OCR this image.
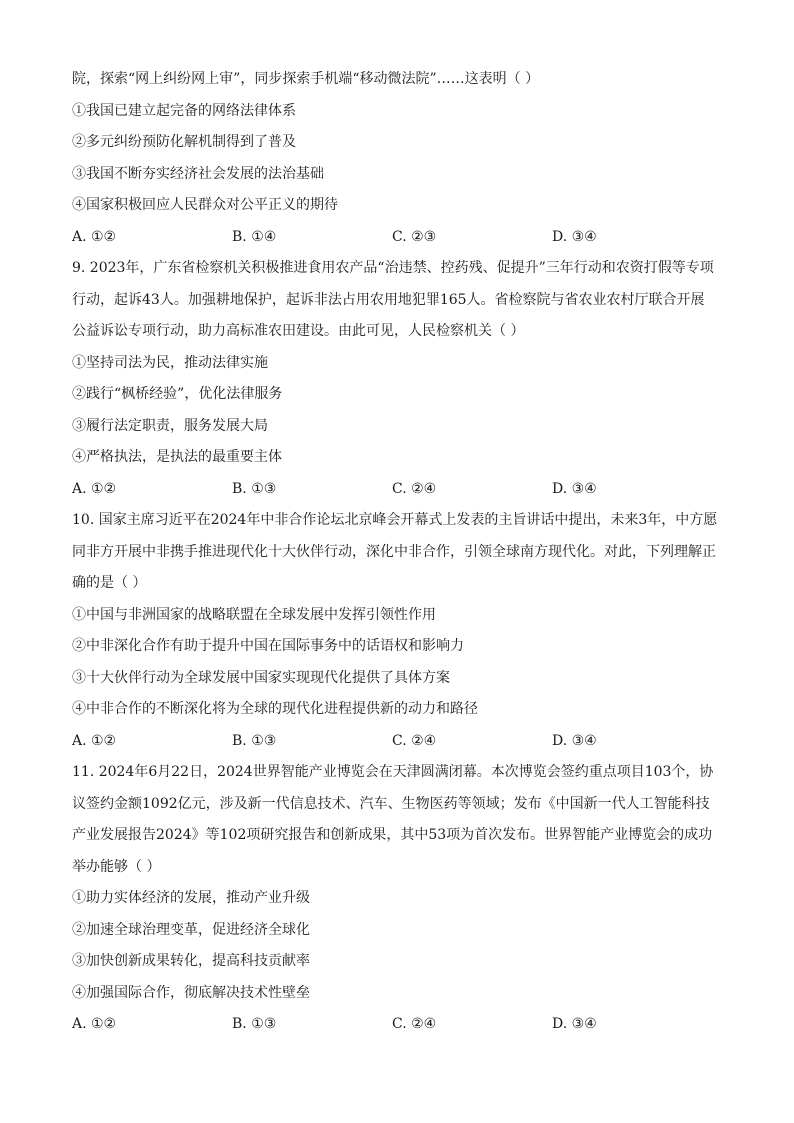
院，探索“网上纠纷网上审”，同步探索手机端“移动微法院”……这表明（ ）
①我国已建立起完备的网络法律体系
②多元纠纷预防化解机制得到了普及
③我国不断夯实经济社会发展的法治基础
④国家积极回应人民群众对公平正义的期待
A. ①②	B. ①④	C. ②③	D. ③④
9. 2023年，广东省检察机关积极推进食用农产品“治违禁、控药残、促提升”三年行动和农资打假等专项
行动，起诉43人。加强耕地保护，起诉非法占用农用地犯罪165人。省检察院与省农业农村厅联合开展
公益诉讼专项行动，助力高标准农田建设。由此可见，人民检察机关（ ）
①坚持司法为民，推动法律实施
②践行“枫桥经验”，优化法律服务
③履行法定职责，服务发展大局
④严格执法，是执法的最重要主体
A. ①②	B. ①③	C. ②④	D. ③④
10. 国家主席习近平在2024年中非合作论坛北京峰会开幕式上发表的主旨讲话中提出，未来3年，中方愿
同非方开展中非携手推进现代化十大伙伴行动，深化中非合作，引领全球南方现代化。对此，下列理解正
确的是（ ）
①中国与非洲国家的战略联盟在全球发展中发挥引领性作用
②中非深化合作有助于提升中国在国际事务中的话语权和影响力
③十大伙伴行动为全球发展中国家实现现代化提供了具体方案
④中非合作的不断深化将为全球的现代化进程提供新的动力和路径
A. ①②	B. ①③	C. ②④	D. ③④
11. 2024年6月22日，2024世界智能产业博览会在天津圆满闭幕。本次博览会签约重点项目103个，协
议签约金额1092亿元，涉及新一代信息技术、汽车、生物医药等领域；发布《中国新一代人工智能科技
产业发展报告2024》等102项研究报告和创新成果，其中53项为首次发布。世界智能产业博览会的成功
举办能够（ ）
①助力实体经济的发展，推动产业升级
②加速全球治理变革，促进经济全球化
③加快创新成果转化，提高科技贡献率
④加强国际合作，彻底解决技术性壁垒
A. ①②	B. ①③	C. ②④	D. ③④
